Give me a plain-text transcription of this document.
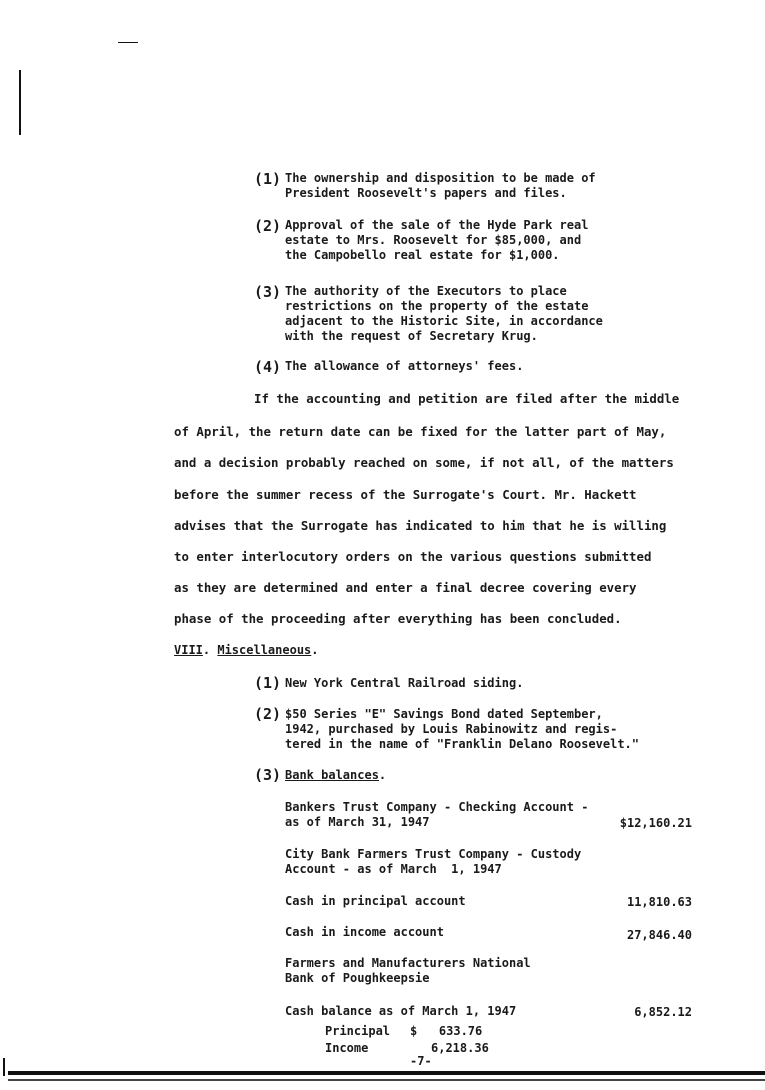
(1) The ownership and disposition to be made of
President Roosevelt's papers and files.
(2) Approval of the sale of the Hyde Park real
estate to Mrs. Roosevelt for $85,000, and
the Campobello real estate for $1,000.
(3) The authority of the Executors to place
restrictions on the property of the estate
adjacent to the Historic Site, in accordance
with the request of Secretary Krug.
(4) The allowance of attorneys' fees.
If the accounting and petition are filed after the middle
of April, the return date can be fixed for the latter part of May,
and a decision probably reached on some, if not all, of the matters
before the summer recess of the Surrogate's Court. Mr. Hackett
advises that the Surrogate has indicated to him that he is willing
to enter interlocutory orders on the various questions submitted
as they are determined and enter a final decree covering every
phase of the proceeding after everything has been concluded.
VIII. Miscellaneous.
(1) New York Central Railroad siding.
(2) $50 Series "E" Savings Bond dated September,
1942, purchased by Louis Rabinowitz and regis-
tered in the name of "Franklin Delano Roosevelt."
(3) Bank balances.
Bankers Trust Company - Checking Account -
as of March 31, 1947	$12,160.21
City Bank Farmers Trust Company - Custody
Account - as of March  1, 1947
Cash in principal account	11,810.63
Cash in income account	27,846.40
Farmers and Manufacturers National
Bank of Poughkeepsie
Cash balance as of March 1, 1947	6,852.12
Principal $   633.76
Income	6,218.36
-7-
